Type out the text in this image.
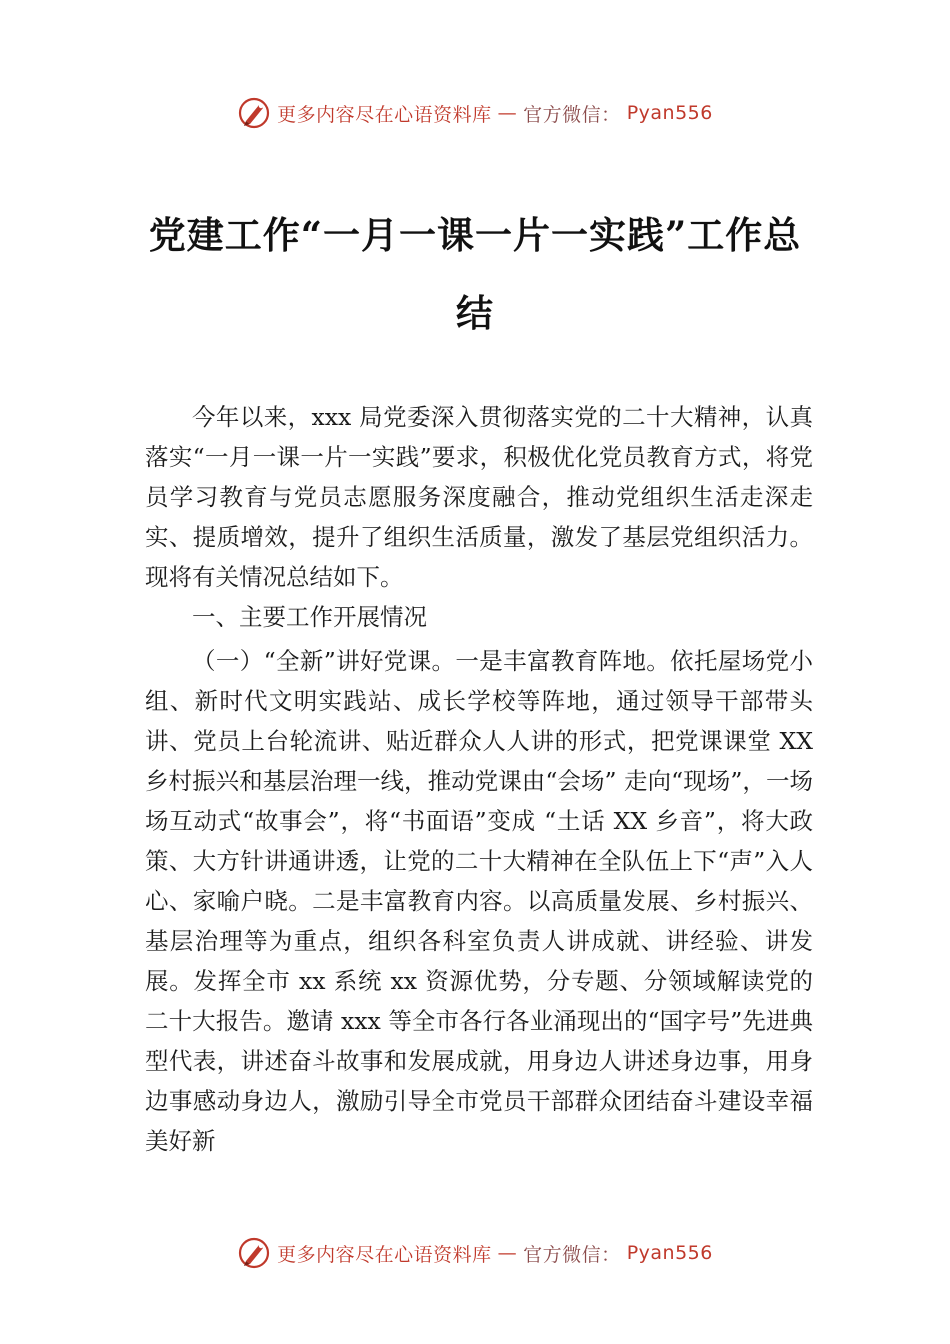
更多内容尽在心语资料库 — 官方微信： Pyan556
党建工作“一月一课一片一实践”工作总
结

今年以来，xxx 局党委深入贯彻落实党的二十大精神，认真落实“一月一课一片一实践”要求，积极优化党员教育方式，将党员学习教育与党员志愿服务深度融合，推动党组织生活走深走实、提质增效，提升了组织生活质量，激发了基层党组织活力。现将有关情况总结如下。

一、主要工作开展情况

（一）“全新”讲好党课。一是丰富教育阵地。依托屋场党小组、新时代文明实践站、成长学校等阵地，通过领导干部带头讲、党员上台轮流讲、贴近群众人人讲的形式，把党课课堂 XX 乡村振兴和基层治理一线，推动党课由“会场” 走向“现场”，一场场互动式“故事会”，将“书面语”变成 “土话 XX 乡音”，将大政策、大方针讲通讲透，让党的二十大精神在全队伍上下“声”入人心、家喻户晓。二是丰富教育内容。以高质量发展、乡村振兴、基层治理等为重点，组织各科室负责人讲成就、讲经验、讲发展。发挥全市 xx 系统 xx 资源优势，分专题、分领域解读党的二十大报告。邀请 xxx 等全市各行各业涌现出的“国字号”先进典型代表，讲述奋斗故事和发展成就，用身边人讲述身边事，用身边事感动身边人，激励引导全市党员干部群众团结奋斗建设幸福美好新

更多内容尽在心语资料库 — 官方微信： Pyan556
